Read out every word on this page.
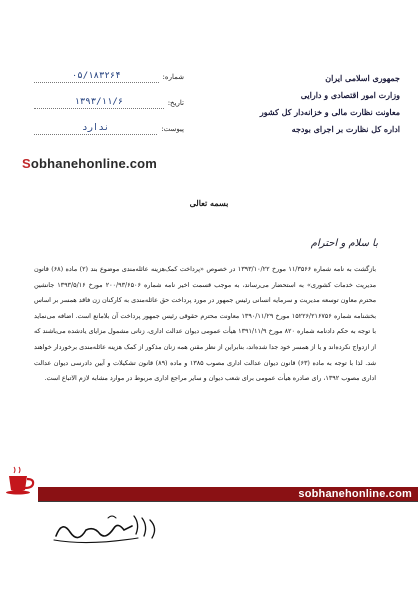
شماره:
۰۵/۱۸۳۲۶۴
تاریخ:
۱۳۹۳/۱۱/۶
پیوست:
ندارد
جمهوری اسلامی ایران
وزارت امور اقتصادی و دارایی
معاونت نظارت مالی و خزانه‌دار کل کشور
اداره کل نظارت بر اجرای بودجه
Sobhanehonline.com
بسمه تعالی
با سلام و احترام

بازگشت به نامه شماره ۱۱/۳۵۶۶ مورخ ۱۳۹۳/۱۰/۲۲ در خصوص «پرداخت کمک‌هزینه عائله‌مندی موضوع بند (۲) ماده (۶۸) قانون مدیریت خدمات کشوری» به استحضار می‌رساند، به موجب قسمت اخیر نامه شماره ۲۰۰/۹۳/۶۵۰۶ مورخ ۱۳۹۳/۵/۱۶ جانشین محترم معاون توسعه مدیریت و سرمایه انسانی رئیس جمهور در مورد پرداخت حق عائله‌مندی به کارکنان زن فاقد همسر بر اساس بخشنامه شماره ۱۵۲۲۶/۲۱۶۷۵۶ مورخ ۱۳۹۰/۱۱/۲۹ معاونت محترم حقوقی رئیس جمهور پرداخت آن بلامانع است. اضافه می‌نماید با توجه به حکم دادنامه شماره ۸۲۰ مورخ ۱۳۹۱/۱۱/۹ هیأت عمومی دیوان عدالت اداری، زنانی مشمول مزایای یادشده می‌باشند که از ازدواج نکرده‌اند و یا از همسر خود جدا شده‌اند، بنابراین از نظر مقنن همه زنان مذکور از کمک هزینه عائله‌مندی برخوردار خواهند شد. لذا با توجه به ماده (۶۳) قانون دیوان عدالت اداری مصوب ۱۳۸۵ و ماده (۸۹) قانون تشکیلات و آیین دادرسی دیوان عدالت اداری مصوب ۱۳۹۲، رای صادره هیأت عمومی برای شعب دیوان و سایر مراجع اداری مربوط در موارد مشابه لازم الاتباع است.

sobhanehonline.com
